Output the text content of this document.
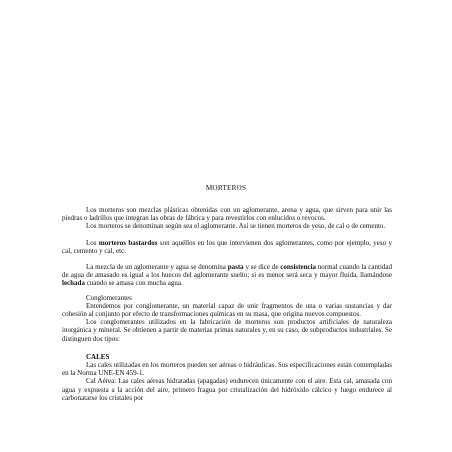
MORTEROS

Los morteros son mezclas plásticas obtenidas con un aglomerante, arena y agua, que sirven para unir las piedras o ladrillos que integran las obras de fábrica y para revestirlos con enlucidos o revocos.

Los morteros se denominan según sea el aglomerante. Así se tienen morteros de yeso, de cal o de cemento.

Los morteros bastardos son aquéllos en los que intervienen dos aglomerantes, como por ejemplo, yeso y cal, cemento y cal, etc.

La mezcla de un aglomerante y agua se denomina pasta y se dice de consistencia normal cuando la cantidad de agua de amasado es igual a los huecos del aglomerante suelto; si es menor será seca y mayor fluida, llamándose lechada cuando se amasa con mucha agua.

Conglomerantes

Entendemos por conglomerante, un material capaz de unir fragmentos de una o varias sustancias y dar cohesión al conjunto por efecto de transformaciones químicas en su masa, que origina nuevos compuestos.

Los conglomerantes utilizados en la fabricación de morteros son productos artificiales de naturaleza inorgánica y mineral. Se obtienen a partir de materias primas naturales y, en su caso, de subproductos industriales. Se distinguen dos tipos:

CALES

Las cales utilizadas en los morteros pueden ser aéreas o hidráulicas. Sus especificaciones están contempladas en la Norma UNE-EN 459-1.

Cal Aérea: Las cales aéreas hidratadas (apagadas) endurecen únicamente con el aire. Esta cal, amasada con agua y expuesta a la acción del aire, primero fragua por cristalización del hidróxido cálcico y luego endurece al carbonatarse los cristales por
